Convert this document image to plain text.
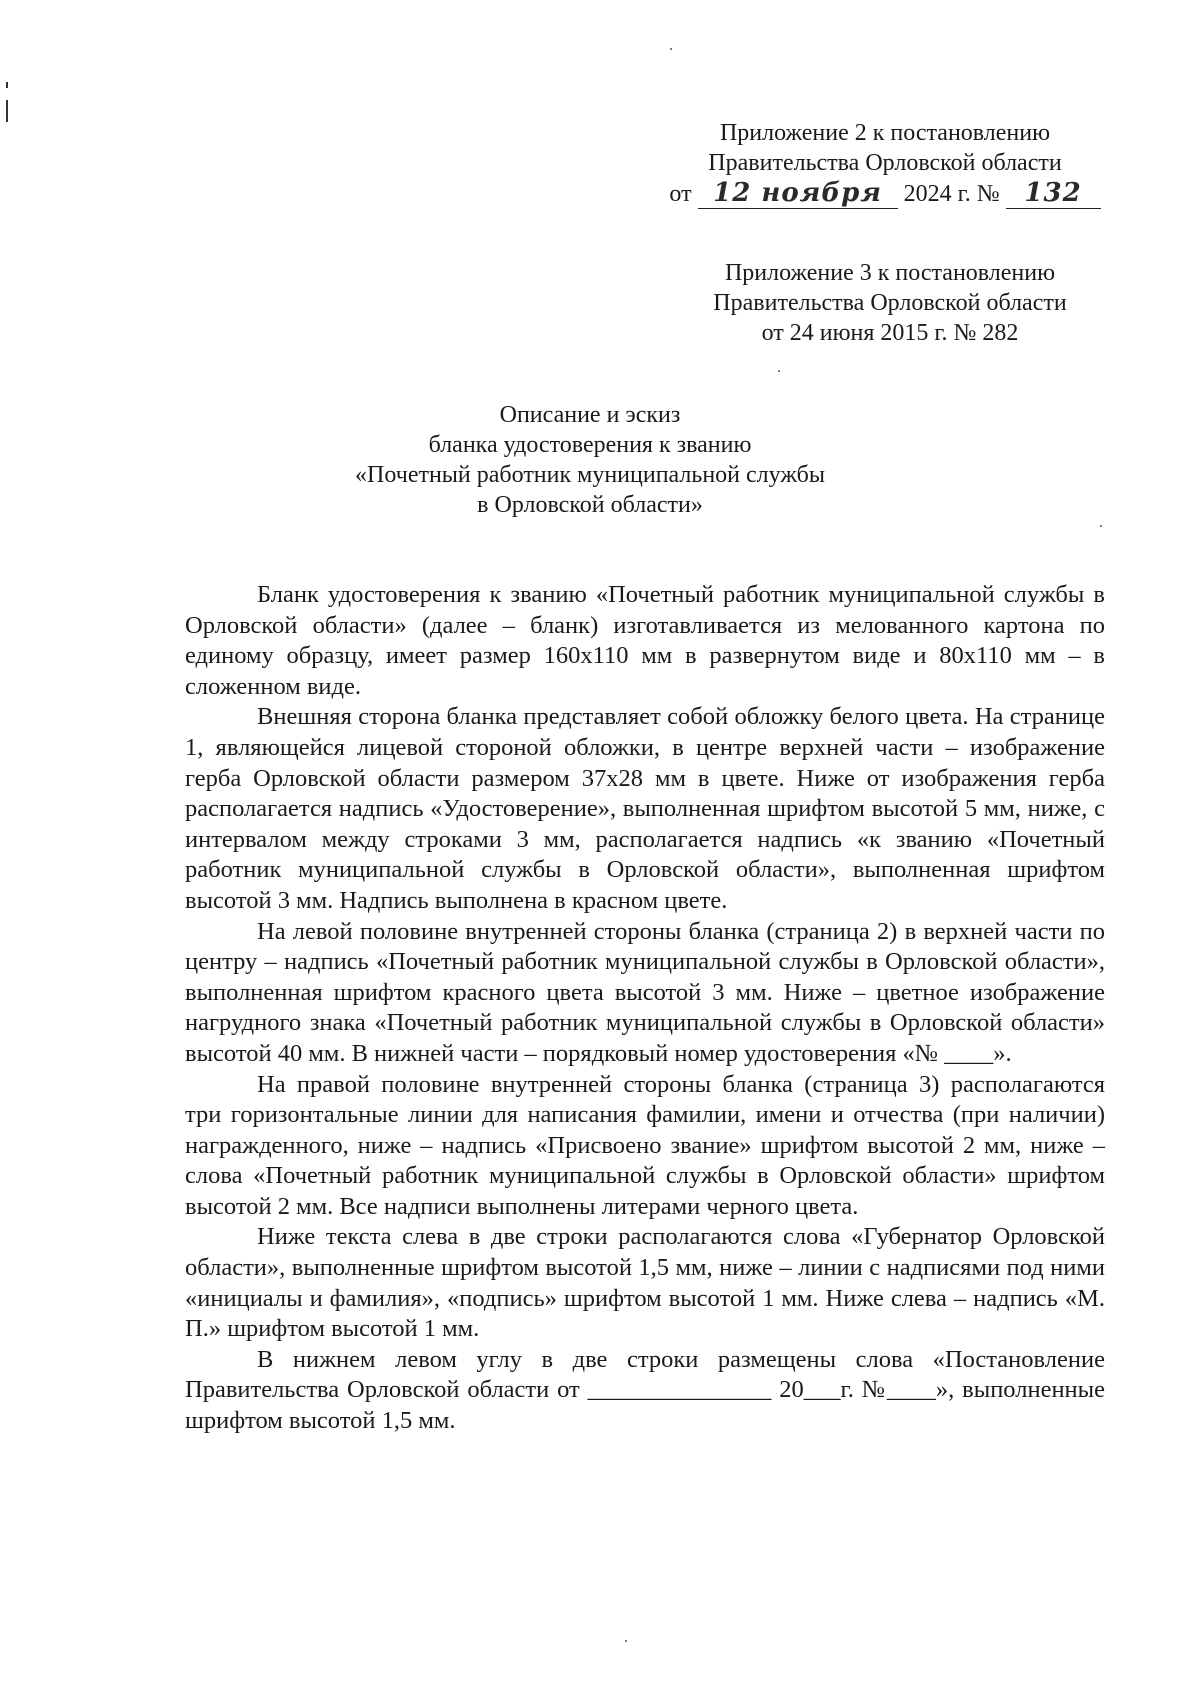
Приложение 2 к постановлению
Правительства Орловской области
от 12 ноября 2024 г. № 132
Приложение 3 к постановлению
Правительства Орловской области
от 24 июня 2015 г. № 282
Описание и эскиз
бланка удостоверения к званию
«Почетный работник муниципальной службы
в Орловской области»

Бланк удостоверения к званию «Почетный работник муниципальной службы в Орловской области» (далее – бланк) изготавливается из мелованного картона по единому образцу, имеет размер 160х110 мм в развернутом виде и 80х110 мм – в сложенном виде.

Внешняя сторона бланка представляет собой обложку белого цвета. На странице 1, являющейся лицевой стороной обложки, в центре верхней части – изображение герба Орловской области размером 37х28 мм в цвете. Ниже от изображения герба располагается надпись «Удостоверение», выполненная шрифтом высотой 5 мм, ниже, с интервалом между строками 3 мм, располагается надпись «к званию «Почетный работник муниципальной службы в Орловской области», выполненная шрифтом высотой 3 мм. Надпись выполнена в красном цвете.

На левой половине внутренней стороны бланка (страница 2) в верхней части по центру – надпись «Почетный работник муниципальной службы в Орловской области», выполненная шрифтом красного цвета высотой 3 мм. Ниже – цветное изображение нагрудного знака «Почетный работник муниципальной службы в Орловской области» высотой 40 мм. В нижней части – порядковый номер удостоверения «№ ____».

На правой половине внутренней стороны бланка (страница 3) располагаются три горизонтальные линии для написания фамилии, имени и отчества (при наличии) награжденного, ниже – надпись «Присвоено звание» шрифтом высотой 2 мм, ниже – слова «Почетный работник муниципальной службы в Орловской области» шрифтом высотой 2 мм. Все надписи выполнены литерами черного цвета.

Ниже текста слева в две строки располагаются слова «Губернатор Орловской области», выполненные шрифтом высотой 1,5 мм, ниже – линии с надписями под ними «инициалы и фамилия», «подпись» шрифтом высотой 1 мм. Ниже слева – надпись «М. П.» шрифтом высотой 1 мм.

В нижнем левом углу в две строки размещены слова «Постановление Правительства Орловской области от _______________ 20___г. №____», выполненные шрифтом высотой 1,5 мм.
